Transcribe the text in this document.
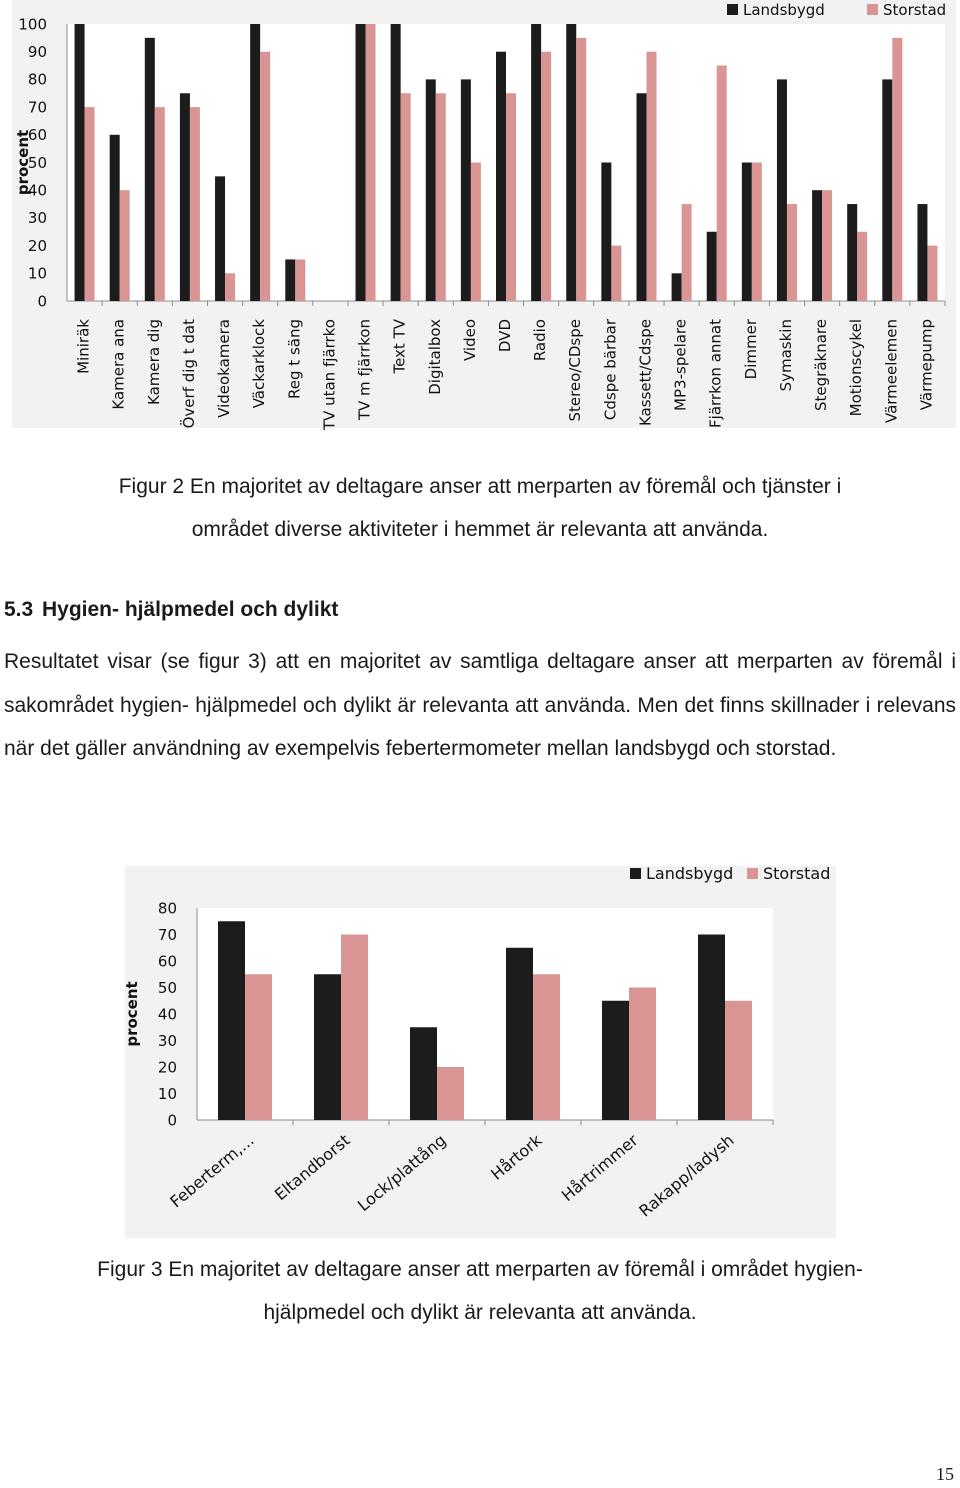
0
10
20
30
40
50
60
70
80
90
100
procent
Miniräk Kamera ana Kamera dig Överf dig t dat Videokamera Väckarklock Reg t säng TV utan fjärrko TV m fjärrkon Text TV Digitalbox Video DVD Radio Stereo/CDspe Cdspe bärbar Kassett/Cdspe MP3-spelare Fjärrkon annat Dimmer Symaskin Stegräknare Motionscykel Värmeelemen Värmepump
Landsbygd	Storstad
Figur 2 En majoritet av deltagare anser att merparten av föremål och tjänster i
området diverse aktiviteter i hemmet är relevanta att använda.
5.3 Hygien- hjälpmedel och dylikt
Resultatet visar (se figur 3) att en majoritet av samtliga deltagare anser att merparten av föremål i sakområdet hygien- hjälpmedel och dylikt är relevanta att använda. Men det finns skillnader i relevans när det gäller användning av exempelvis febertermometer mellan landsbygd och storstad.
0
10
20
30
40
50
60
70
80
procent
Feberterm,... Eltandborst Lock/plattång Hårtork Hårtrimmer
Rakapp/ladysh
Landsbygd Storstad
Figur 3 En majoritet av deltagare anser att merparten av föremål i området hygien-
hjälpmedel och dylikt är relevanta att använda.
15
